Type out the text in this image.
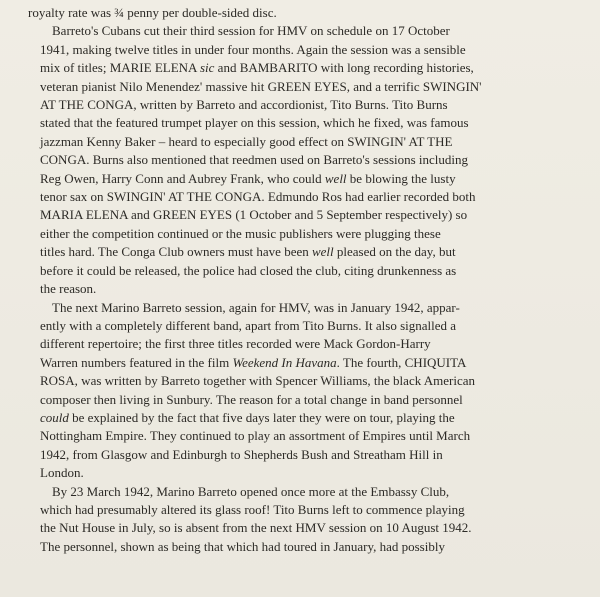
royalty rate was ¾ penny per double-sided disc.

Barreto's Cubans cut their third session for HMV on schedule on 17 October
1941, making twelve titles in under four months. Again the session was a sensible
mix of titles; MARIE ELENA sic and BAMBARITO with long recording histories,
veteran pianist Nilo Menendez' massive hit GREEN EYES, and a terrific SWINGIN'
AT THE CONGA, written by Barreto and accordionist, Tito Burns. Tito Burns
stated that the featured trumpet player on this session, which he fixed, was famous
jazzman Kenny Baker – heard to especially good effect on SWINGIN' AT THE
CONGA. Burns also mentioned that reedmen used on Barreto's sessions including
Reg Owen, Harry Conn and Aubrey Frank, who could well be blowing the lusty
tenor sax on SWINGIN' AT THE CONGA. Edmundo Ros had earlier recorded both
MARIA ELENA and GREEN EYES (1 October and 5 September respectively) so
either the competition continued or the music publishers were plugging these
titles hard. The Conga Club owners must have been well pleased on the day, but
before it could be released, the police had closed the club, citing drunkenness as
the reason.

The next Marino Barreto session, again for HMV, was in January 1942, appar-
ently with a completely different band, apart from Tito Burns. It also signalled a
different repertoire; the first three titles recorded were Mack Gordon-Harry
Warren numbers featured in the film Weekend In Havana. The fourth, CHIQUITA
ROSA, was written by Barreto together with Spencer Williams, the black American
composer then living in Sunbury. The reason for a total change in band personnel
could be explained by the fact that five days later they were on tour, playing the
Nottingham Empire. They continued to play an assortment of Empires until March
1942, from Glasgow and Edinburgh to Shepherds Bush and Streatham Hill in
London.

By 23 March 1942, Marino Barreto opened once more at the Embassy Club,
which had presumably altered its glass roof! Tito Burns left to commence playing
the Nut House in July, so is absent from the next HMV session on 10 August 1942.
The personnel, shown as being that which had toured in January, had possibly
